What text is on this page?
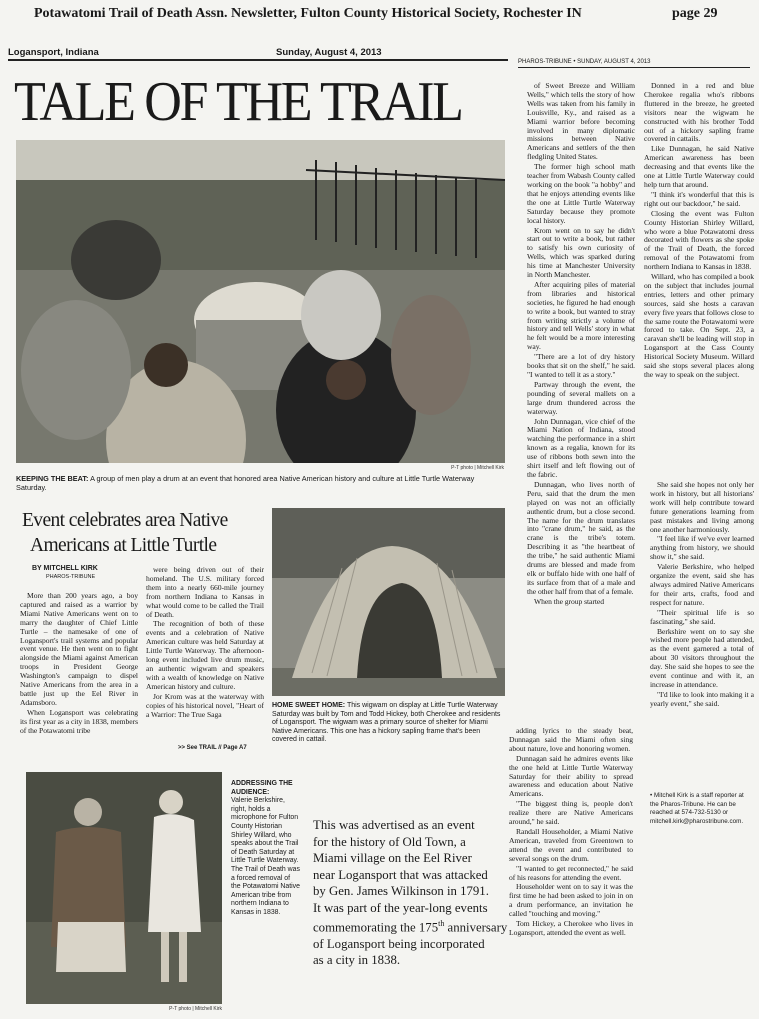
Potawatomi Trail of Death Assn. Newsletter, Fulton County Historical Society, Rochester IN	page 29
Logansport, Indiana	Sunday, August 4, 2013
PHAROS-TRIBUNE • SUNDAY, AUGUST 4, 2013
TALE OF THE TRAIL
P-T photo | Mitchell Kirk
KEEPING THE BEAT: A group of men play a drum at an event that honored area Native American history and culture at Little Turtle Waterway Saturday.
Event celebrates area Native
Americans at Little Turtle
BY MITCHELL KIRK
PHAROS-TRIBUNE

More than 200 years ago, a boy captured and raised as a warrior by Miami Native Americans went on to marry the daughter of Chief Little Turtle – the namesake of one of Logansport's trail systems and popular event venue. He then went on to fight alongside the Miami against American troops in President George Washington's campaign to dispel Native Americans from the area in a battle just up the Eel River in Adamsboro.

When Logansport was celebrating its first year as a city in 1838, members of the Potawatomi tribe

were being driven out of their homeland. The U.S. military forced them into a nearly 660-mile journey from northern Indiana to Kansas in what would come to be called the Trail of Death.

The recognition of both of these events and a celebration of Native American culture was held Saturday at Little Turtle Waterway. The afternoon-long event included live drum music, an authentic wigwam and speakers with a wealth of knowledge on Native American history and culture.

Jor Krom was at the waterway with copies of his historical novel, "Heart of a Warrior: The True Saga

>> See TRAIL // Page A7
HOME SWEET HOME: This wigwam on display at Little Turtle Waterway Saturday was built by Tom and Todd Hickey, both Cherokee and residents of Logansport. The wigwam was a primary source of shelter for Miami Native Americans. This one has a hickory sapling frame that's been covered in cattail.
P-T photo | Mitchell Kirk
ADDRESSING THE AUDIENCE:
Valerie Berkshire, right, holds a microphone for Fulton County Historian Shirley Willard, who speaks about the Trail of Death Saturday at Little Turtle Waterway. The Trail of Death was a forced removal of the Potawatomi Native American tribe from northern Indiana to Kansas in 1838.
This was advertised as an event
for the history of Old Town, a
Miami village on the Eel River
near Logansport that was attacked
by Gen. James Wilkinson in 1791.
It was part of the year-long events
commemorating the 175th anniversary
of Logansport being incorporated
as a city in 1838.

of Sweet Breeze and William Wells," which tells the story of how Wells was taken from his family in Louisville, Ky., and raised as a Miami warrior before becoming involved in many diplomatic missions between Native Americans and settlers of the then fledgling United States.

The former high school math teacher from Wabash County called working on the book "a hobby" and that he enjoys attending events like the one at Little Turtle Waterway Saturday because they promote local history.

Krom went on to say he didn't start out to write a book, but rather to satisfy his own curiosity of Wells, which was sparked during his time at Manchester University in North Manchester.

After acquiring piles of material from libraries and historical societies, he figured he had enough to write a book, but wanted to stray from writing strictly a volume of history and tell Wells' story in what he felt would be a more interesting way.

"There are a lot of dry history books that sit on the shelf," he said. "I wanted to tell it as a story."

Partway through the event, the pounding of several mallets on a large drum thundered across the waterway.

John Dunnagan, vice chief of the Miami Nation of Indiana, stood watching the performance in a shirt known as a regalia, known for its use of ribbons both sewn into the shirt itself and left flowing out of the fabric.

Dunnagan, who lives north of Peru, said that the drum the men played on was not an officially authentic drum, but a close second. The name for the drum translates into "crane drum," he said, as the crane is the tribe's totem. Describing it as "the heartbeat of the tribe," he said authentic Miami drums are blessed and made from elk or buffalo hide with one half of its surface from that of a male and the other half from that of a female.

When the group started

adding lyrics to the steady beat, Dunnagan said the Miami often sing about nature, love and honoring women.

Dunnagan said he admires events like the one held at Little Turtle Waterway Saturday for their ability to spread awareness and education about Native Americans.

"The biggest thing is, people don't realize there are Native Americans around," he said.

Randall Householder, a Miami Native American, traveled from Greentown to attend the event and contributed to several songs on the drum.

"I wanted to get reconnected," he said of his reasons for attending the event.

Householder went on to say it was the first time he had been asked to join in on a drum performance, an invitation he called "touching and moving."

Tom Hickey, a Cherokee who lives in Logansport, attended the event as well.

Donned in a red and blue Cherokee regalia who's ribbons fluttered in the breeze, he greeted visitors near the wigwam he constructed with his brother Todd out of a hickory sapling frame covered in cattails.

Like Dunnagan, he said Native American awareness has been decreasing and that events like the one at Little Turtle Waterway could help turn that around.

"I think it's wonderful that this is right out our backdoor," he said.

Closing the event was Fulton County Historian Shirley Willard, who wore a blue Potawatomi dress decorated with flowers as she spoke of the Trail of Death, the forced removal of the Potawatomi from northern Indiana to Kansas in 1838.

Willard, who has compiled a book on the subject that includes journal entries, letters and other primary sources, said she hosts a caravan every five years that follows close to the same route the Potawatomi were forced to take. On Sept. 23, a caravan she'll be leading will stop in Logansport at the Cass County Historical Society Museum. Willard said she stops several places along the way to speak on the subject.

She said she hopes not only her work in history, but all historians' work will help contribute toward future generations learning from past mistakes and living among one another harmoniously.

"I feel like if we've ever learned anything from history, we should show it," she said.

Valerie Berkshire, who helped organize the event, said she has always admired Native Americans for their arts, crafts, food and respect for nature.

"Their spiritual life is so fascinating," she said.

Berkshire went on to say she wished more people had attended, as the event garnered a total of about 30 visitors throughout the day. She said she hopes to see the event continue and with it, an increase in attendance.

"I'd like to look into making it a yearly event," she said.

• Mitchell Kirk is a staff reporter at the Pharos-Tribune. He can be reached at 574-732-5130 or mitchell.kirk@pharostribune.com.
